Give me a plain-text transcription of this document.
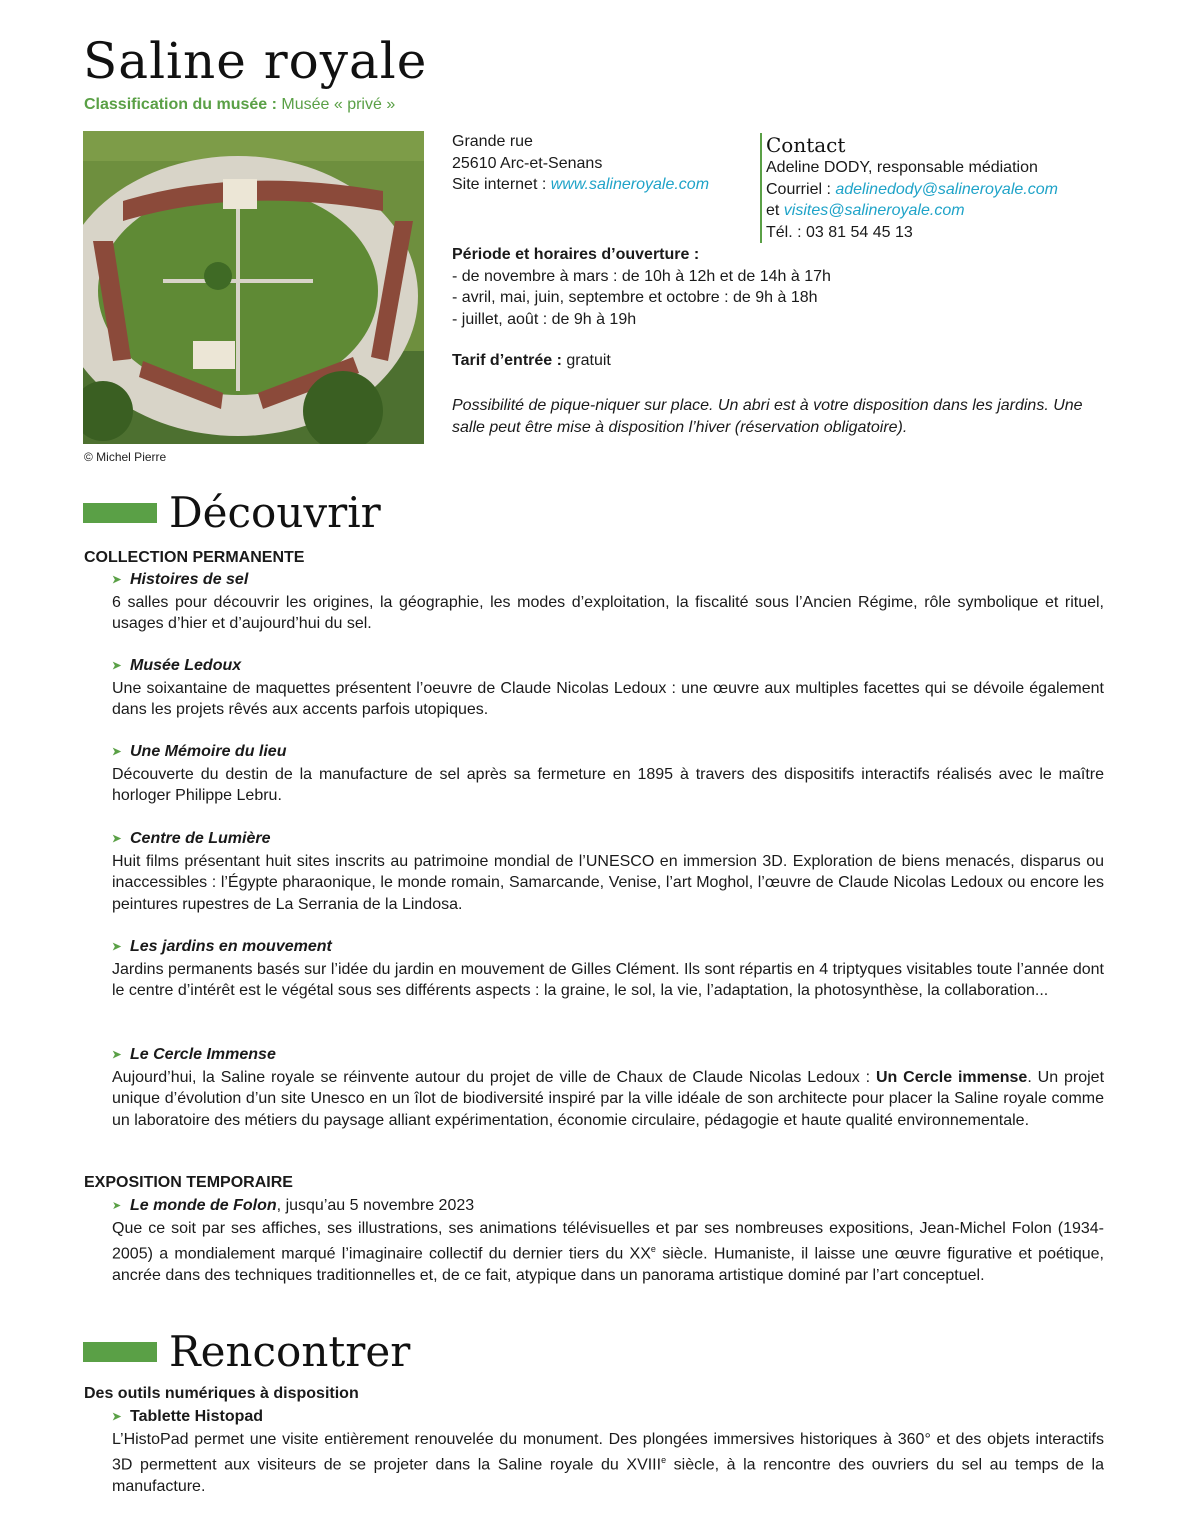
Saline royale
Classification du musée : Musée « privé »
© Michel Pierre
Grande rue
25610 Arc-et-Senans
Site internet : www.salineroyale.com
Contact
Adeline DODY, responsable médiation
Courriel : adelinedody@salineroyale.com
et visites@salineroyale.com
Tél. : 03 81 54 45 13
Période et horaires d’ouverture :
- de novembre à mars : de 10h à 12h et de 14h à 17h
- avril, mai, juin, septembre et octobre : de 9h à 18h
- juillet, août : de 9h à 19h
Tarif d’entrée : gratuit
Possibilité de pique-niquer sur place. Un abri est à votre disposition dans les jardins. Une salle peut être mise à disposition l’hiver (réservation obligatoire).
Découvrir
COLLECTION PERMANENTE
➤ Histoires de sel
6 salles pour découvrir les origines, la géographie, les modes d’exploitation, la fiscalité sous l’Ancien Régime, rôle symbolique et rituel, usages d’hier et d’aujourd’hui du sel.
➤ Musée Ledoux
Une soixantaine de maquettes présentent l’oeuvre de Claude Nicolas Ledoux : une œuvre aux multiples facettes qui se dévoile également dans les projets rêvés aux accents parfois utopiques.
➤ Une Mémoire du lieu
Découverte du destin de la manufacture de sel après sa fermeture en 1895 à travers des dispositifs interactifs réalisés avec le maître horloger Philippe Lebru.
➤ Centre de Lumière
Huit films présentant huit sites inscrits au patrimoine mondial de l’UNESCO en immersion 3D. Exploration de biens menacés, disparus ou inaccessibles : l’Égypte pharaonique, le monde romain, Samarcande, Venise, l’art Moghol, l’œuvre de Claude Nicolas Ledoux ou encore les peintures rupestres de La Serrania de la Lindosa.
➤ Les jardins en mouvement
Jardins permanents basés sur l’idée du jardin en mouvement de Gilles Clément. Ils sont répartis en 4 triptyques visitables toute l’année dont le centre d’intérêt est le végétal sous ses différents aspects : la graine, le sol, la vie, l’adaptation, la photosynthèse, la collaboration...
➤ Le Cercle Immense
Aujourd’hui, la Saline royale se réinvente autour du projet de ville de Chaux de Claude Nicolas Ledoux : Un Cercle immense. Un projet unique d’évolution d’un site Unesco en un îlot de biodiversité inspiré par la ville idéale de son architecte pour placer la Saline royale comme un laboratoire des métiers du paysage alliant expérimentation, économie circulaire, pédagogie et haute qualité environnementale.
EXPOSITION TEMPORAIRE
➤ Le monde de Folon, jusqu’au 5 novembre 2023
Que ce soit par ses affiches, ses illustrations, ses animations télévisuelles et par ses nombreuses expositions, Jean-Michel Folon (1934-2005) a mondialement marqué l’imaginaire collectif du dernier tiers du XXe siècle. Humaniste, il laisse une œuvre figurative et poétique, ancrée dans des techniques traditionnelles et, de ce fait, atypique dans un panorama artistique dominé par l’art conceptuel.
Rencontrer
Des outils numériques à disposition
➤ Tablette Histopad
L’HistoPad permet une visite entièrement renouvelée du monument. Des plongées immersives historiques à 360° et des objets interactifs 3D permettent aux visiteurs de se projeter dans la Saline royale du XVIIIe siècle, à la rencontre des ouvriers du sel au temps de la manufacture.
